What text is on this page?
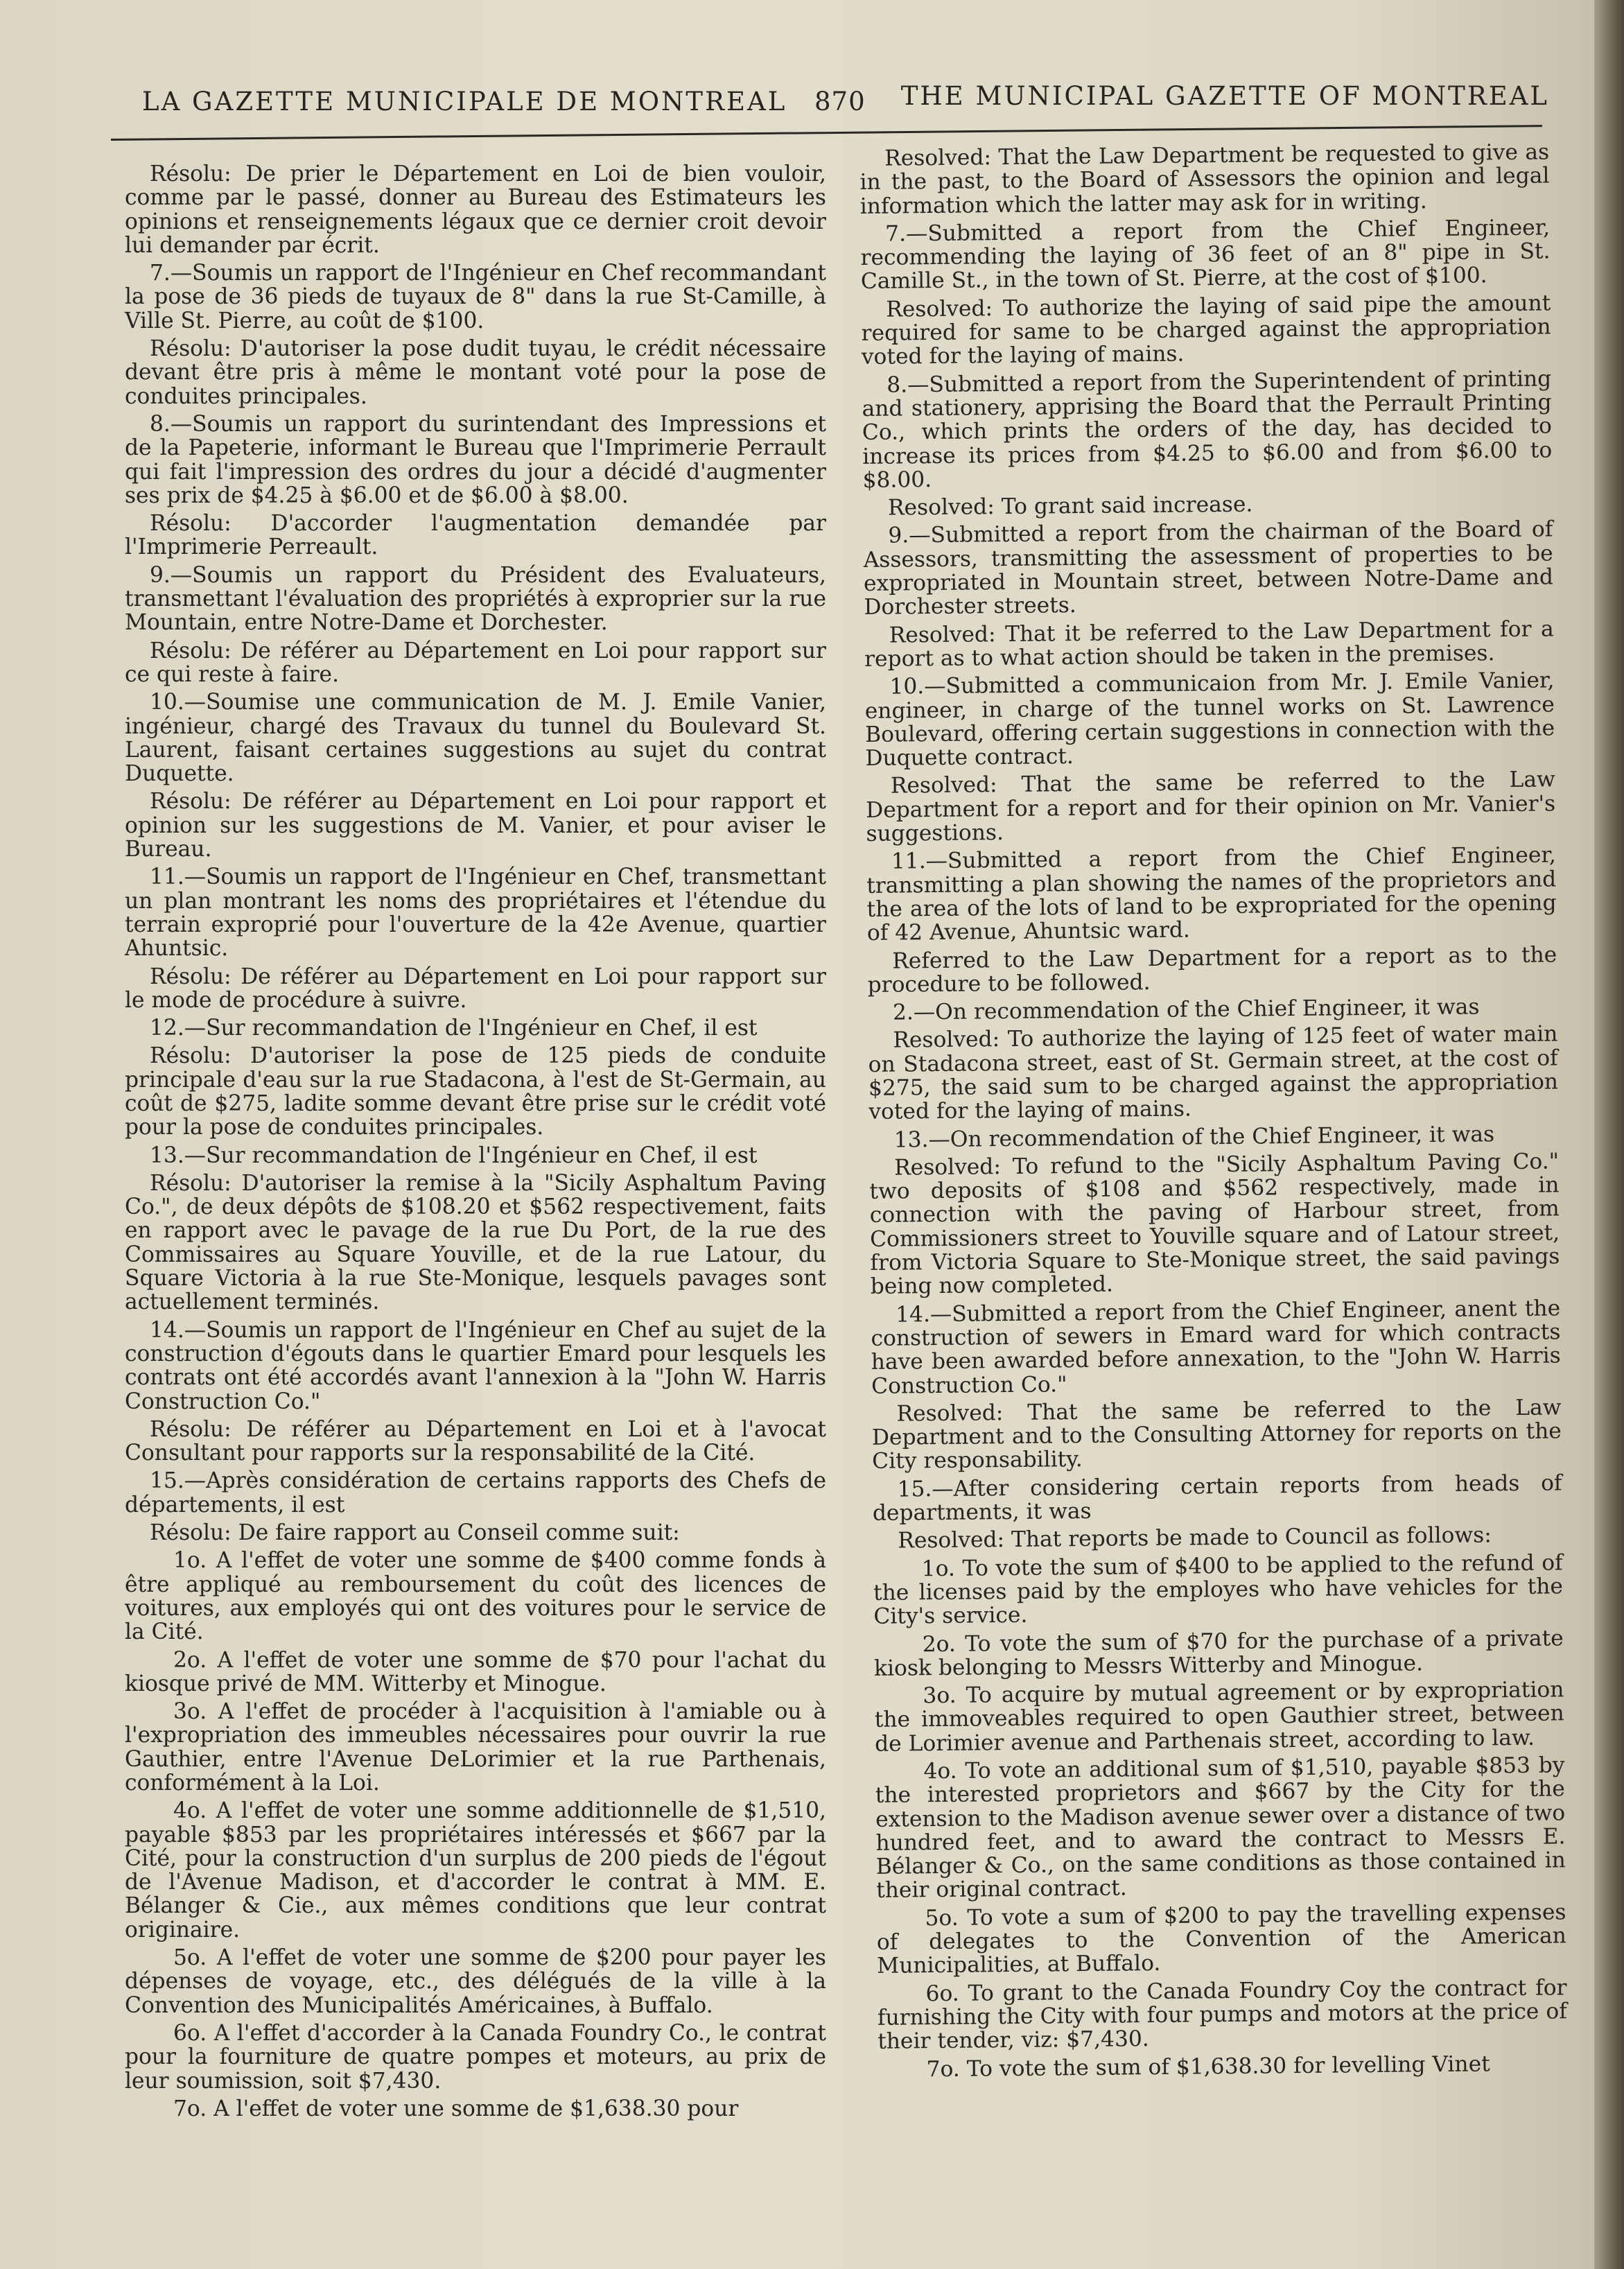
LA GAZETTE MUNICIPALE DE MONTREAL 870 THE MUNICIPAL GAZETTE OF MONTREAL

Résolu: De prier le Département en Loi de bien vouloir, comme par le passé, donner au Bureau des Estimateurs les opinions et renseignements légaux que ce dernier croit devoir lui demander par écrit.

7.—Soumis un rapport de l'Ingénieur en Chef recommandant la pose de 36 pieds de tuyaux de 8" dans la rue St-Camille, à Ville St. Pierre, au coût de $100.

Résolu: D'autoriser la pose dudit tuyau, le crédit nécessaire devant être pris à même le montant voté pour la pose de conduites principales.

8.—Soumis un rapport du surintendant des Impressions et de la Papeterie, informant le Bureau que l'Imprimerie Perrault qui fait l'impression des ordres du jour a décidé d'augmenter ses prix de $4.25 à $6.00 et de $6.00 à $8.00.

Résolu: D'accorder l'augmentation demandée par l'Imprimerie Perreault.

9.—Soumis un rapport du Président des Evaluateurs, transmettant l'évaluation des propriétés à exproprier sur la rue Mountain, entre Notre-Dame et Dorchester.

Résolu: De référer au Département en Loi pour rapport sur ce qui reste à faire.

10.—Soumise une communication de M. J. Emile Vanier, ingénieur, chargé des Travaux du tunnel du Boulevard St. Laurent, faisant certaines suggestions au sujet du contrat Duquette.

Résolu: De référer au Département en Loi pour rapport et opinion sur les suggestions de M. Vanier, et pour aviser le Bureau.

11.—Soumis un rapport de l'Ingénieur en Chef, transmettant un plan montrant les noms des propriétaires et l'étendue du terrain exproprié pour l'ouverture de la 42e Avenue, quartier Ahuntsic.

Résolu: De référer au Département en Loi pour rapport sur le mode de procédure à suivre.

12.—Sur recommandation de l'Ingénieur en Chef, il est

Résolu: D'autoriser la pose de 125 pieds de conduite principale d'eau sur la rue Stadacona, à l'est de St-Germain, au coût de $275, ladite somme devant être prise sur le crédit voté pour la pose de conduites principales.

13.—Sur recommandation de l'Ingénieur en Chef, il est

Résolu: D'autoriser la remise à la "Sicily Asphaltum Paving Co.", de deux dépôts de $108.20 et $562 respectivement, faits en rapport avec le pavage de la rue Du Port, de la rue des Commissaires au Square Youville, et de la rue Latour, du Square Victoria à la rue Ste-Monique, lesquels pavages sont actuellement terminés.

14.—Soumis un rapport de l'Ingénieur en Chef au sujet de la construction d'égouts dans le quartier Emard pour lesquels les contrats ont été accordés avant l'annexion à la "John W. Harris Construction Co."

Résolu: De référer au Département en Loi et à l'avocat Consultant pour rapports sur la responsabilité de la Cité.

15.—Après considération de certains rapports des Chefs de départements, il est

Résolu: De faire rapport au Conseil comme suit:

1o. A l'effet de voter une somme de $400 comme fonds à être appliqué au remboursement du coût des licences de voitures, aux employés qui ont des voitures pour le service de la Cité.

2o. A l'effet de voter une somme de $70 pour l'achat du kiosque privé de MM. Witterby et Minogue.

3o. A l'effet de procéder à l'acquisition à l'amiable ou à l'expropriation des immeubles nécessaires pour ouvrir la rue Gauthier, entre l'Avenue DeLorimier et la rue Parthenais, conformément à la Loi.

4o. A l'effet de voter une somme additionnelle de $1,510, payable $853 par les propriétaires intéressés et $667 par la Cité, pour la construction d'un surplus de 200 pieds de l'égout de l'Avenue Madison, et d'accorder le contrat à MM. E. Bélanger & Cie., aux mêmes conditions que leur contrat originaire.

5o. A l'effet de voter une somme de $200 pour payer les dépenses de voyage, etc., des délégués de la ville à la Convention des Municipalités Américaines, à Buffalo.

6o. A l'effet d'accorder à la Canada Foundry Co., le contrat pour la fourniture de quatre pompes et moteurs, au prix de leur soumission, soit $7,430.

7o. A l'effet de voter une somme de $1,638.30 pour

Resolved: That the Law Department be requested to give as in the past, to the Board of Assessors the opinion and legal information which the latter may ask for in writing.

7.—Submitted a report from the Chief Engineer, recommending the laying of 36 feet of an 8" pipe in St. Camille St., in the town of St. Pierre, at the cost of $100.

Resolved: To authorize the laying of said pipe the amount required for same to be charged against the appropriation voted for the laying of mains.

8.—Submitted a report from the Superintendent of printing and stationery, apprising the Board that the Perrault Printing Co., which prints the orders of the day, has decided to increase its prices from $4.25 to $6.00 and from $6.00 to $8.00.

Resolved: To grant said increase.

9.—Submitted a report from the chairman of the Board of Assessors, transmitting the assessment of properties to be expropriated in Mountain street, between Notre-Dame and Dorchester streets.

Resolved: That it be referred to the Law Department for a report as to what action should be taken in the premises.

10.—Submitted a communicaion from Mr. J. Emile Vanier, engineer, in charge of the tunnel works on St. Lawrence Boulevard, offering certain suggestions in connection with the Duquette contract.

Resolved: That the same be referred to the Law Department for a report and for their opinion on Mr. Vanier's suggestions.

11.—Submitted a report from the Chief Engineer, transmitting a plan showing the names of the proprietors and the area of the lots of land to be expropriated for the opening of 42 Avenue, Ahuntsic ward.

Referred to the Law Department for a report as to the procedure to be followed.

2.—On recommendation of the Chief Engineer, it was

Resolved: To authorize the laying of 125 feet of water main on Stadacona street, east of St. Germain street, at the cost of $275, the said sum to be charged against the appropriation voted for the laying of mains.

13.—On recommendation of the Chief Engineer, it was

Resolved: To refund to the "Sicily Asphaltum Paving Co." two deposits of $108 and $562 respectively, made in connection with the paving of Harbour street, from Commissioners street to Youville square and of Latour street, from Victoria Square to Ste-Monique street, the said pavings being now completed.

14.—Submitted a report from the Chief Engineer, anent the construction of sewers in Emard ward for which contracts have been awarded before annexation, to the "John W. Harris Construction Co."

Resolved: That the same be referred to the Law Department and to the Consulting Attorney for reports on the City responsability.

15.—After considering certain reports from heads of departments, it was

Resolved: That reports be made to Council as follows:

1o. To vote the sum of $400 to be applied to the refund of the licenses paid by the employes who have vehicles for the City's service.

2o. To vote the sum of $70 for the purchase of a private kiosk belonging to Messrs Witterby and Minogue.

3o. To acquire by mutual agreement or by expropriation the immoveables required to open Gauthier street, between de Lorimier avenue and Parthenais street, according to law.

4o. To vote an additional sum of $1,510, payable $853 by the interested proprietors and $667 by the City for the extension to the Madison avenue sewer over a distance of two hundred feet, and to award the contract to Messrs E. Bélanger & Co., on the same conditions as those contained in their original contract.

5o. To vote a sum of $200 to pay the travelling expenses of delegates to the Convention of the American Municipalities, at Buffalo.

6o. To grant to the Canada Foundry Coy the contract for furnishing the City with four pumps and motors at the price of their tender, viz: $7,430.

7o. To vote the sum of $1,638.30 for levelling Vinet
